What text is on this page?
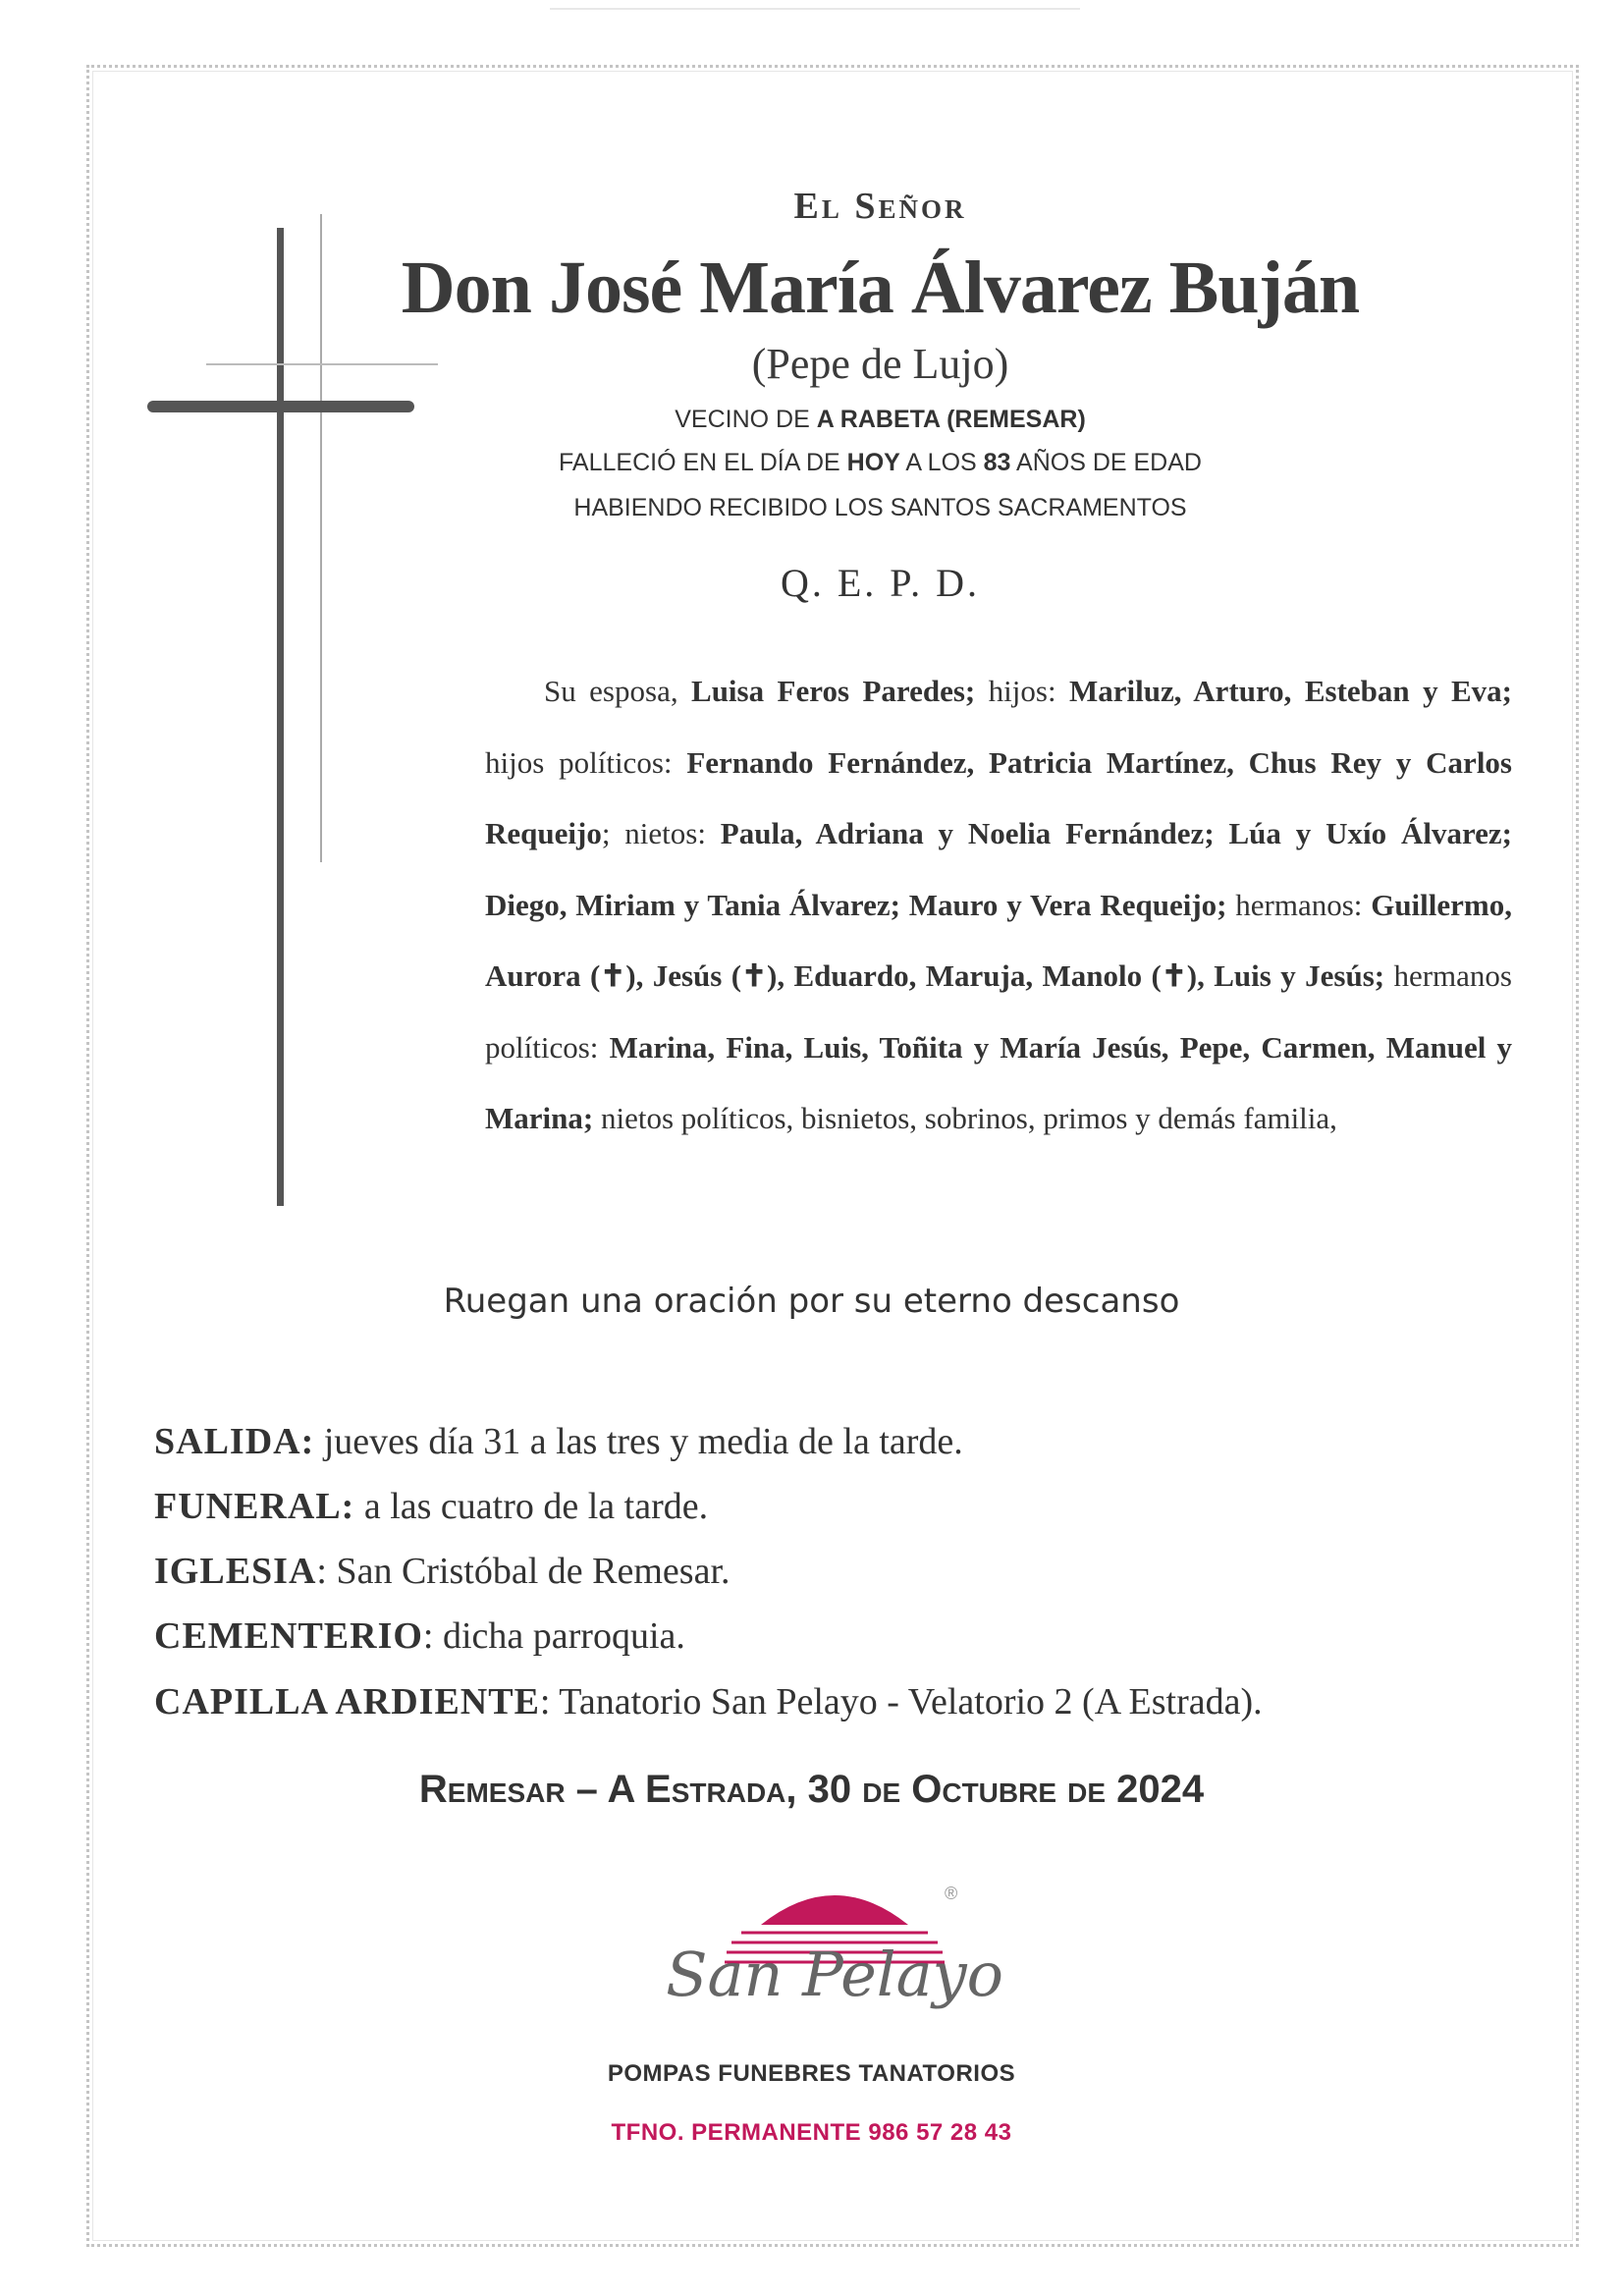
El Señor
Don José María Álvarez Buján
(Pepe de Lujo)
VECINO DE A RABETA (REMESAR)
FALLECIÓ EN EL DÍA DE HOY A LOS 83 AÑOS DE EDAD
HABIENDO RECIBIDO LOS SANTOS SACRAMENTOS
Q. E. P. D.
Su esposa, Luisa Feros Paredes; hijos: Mariluz, Arturo, Esteban y Eva; hijos políticos: Fernando Fernández, Patricia Martínez, Chus Rey y Carlos Requeijo; nietos: Paula, Adriana y Noelia Fernández; Lúa y Uxío Álvarez; Diego, Miriam y Tania Álvarez; Mauro y Vera Requeijo; hermanos: Guillermo, Aurora (✝), Jesús (✝), Eduardo, Maruja, Manolo (✝), Luis y Jesús; hermanos políticos: Marina, Fina, Luis, Toñita y María Jesús, Pepe, Carmen, Manuel y Marina; nietos políticos, bisnietos, sobrinos, primos y demás familia,
Ruegan una oración por su eterno descanso
SALIDA: jueves día 31 a las tres y media de la tarde.
FUNERAL: a las cuatro de la tarde.
IGLESIA: San Cristóbal de Remesar.
CEMENTERIO: dicha parroquia.
CAPILLA ARDIENTE: Tanatorio San Pelayo - Velatorio 2 (A Estrada).
Remesar – A Estrada, 30 de Octubre de 2024
San Pelayo
®
POMPAS FUNEBRES TANATORIOS
TFNO. PERMANENTE 986 57 28 43
